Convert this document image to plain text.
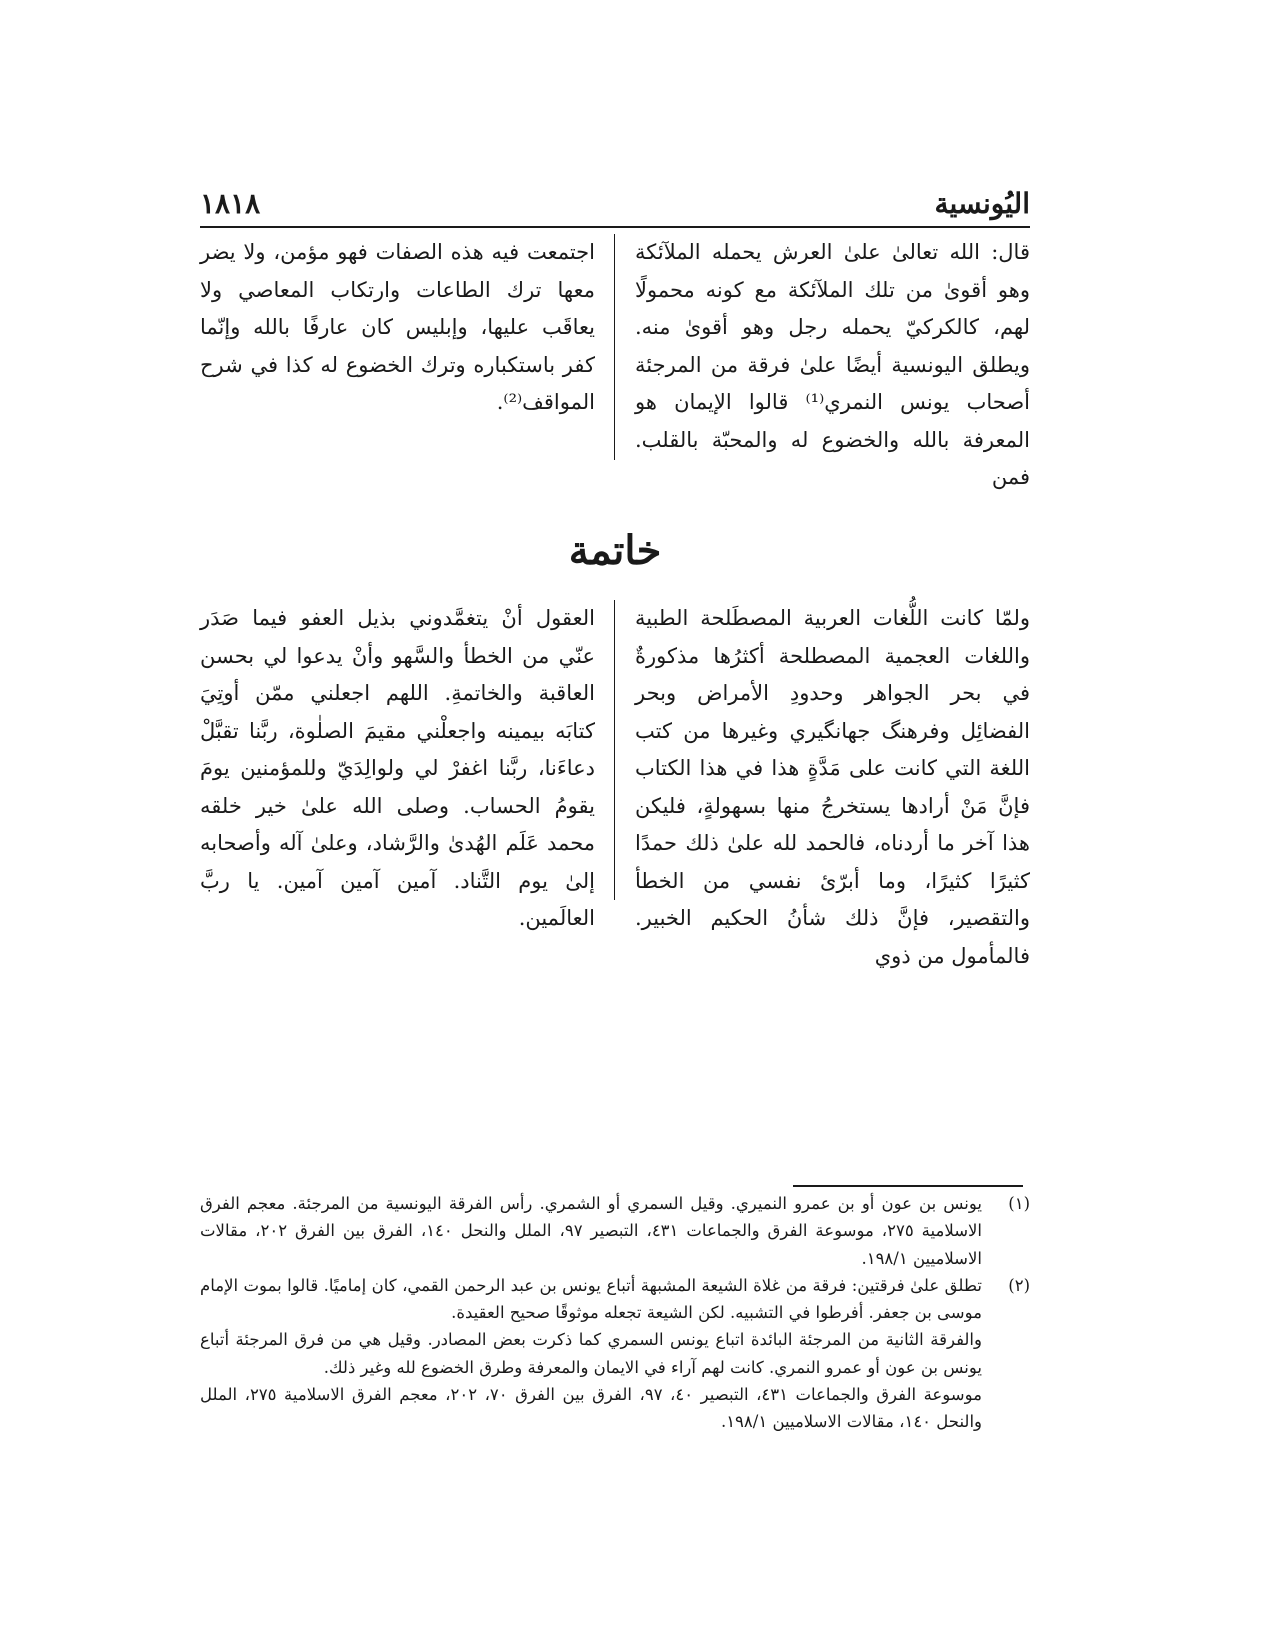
اليُونسية
١٨١٨

قال: الله تعالىٰ علىٰ العرش يحمله الملآئكة وهو أقوىٰ من تلك الملآئكة مع كونه محمولًا لهم، كالكركيّ يحمله رجل وهو أقوىٰ منه. ويطلق اليونسية أيضًا علىٰ فرقة من المرجئة أصحاب يونس النمري⁽¹⁾ قالوا الإيمان هو المعرفة بالله والخضوع له والمحبّة بالقلب. فمن

اجتمعت فيه هذه الصفات فهو مؤمن، ولا يضر معها ترك الطاعات وارتكاب المعاصي ولا يعاقَب عليها، وإبليس كان عارفًا بالله وإنّما كفر باستكباره وترك الخضوع له كذا في شرح المواقف⁽²⁾.

خاتمة

ولمّا كانت اللُّغات العربية المصطَلحة الطبية واللغات العجمية المصطلحة أكثرُها مذكورةٌ في بحر الجواهر وحدودِ الأمراض وبحر الفضائِل وفرهنگ جهانگيري وغيرها من كتب اللغة التي كانت على مَدَّةٍ هذا في هذا الكتاب فإنَّ مَنْ أرادها يستخرجُ منها بسهولةٍ، فليكن هذا آخر ما أردناه، فالحمد لله علىٰ ذلك حمدًا كثيرًا كثيرًا، وما أبرّئ نفسي من الخطأ والتقصير، فإنَّ ذلك شأنُ الحكيم الخبير. فالمأمول من ذوي

العقول أنْ يتغمَّدوني بذيل العفو فيما صَدَر عنّي من الخطأ والسَّهو وأنْ يدعوا لي بحسن العاقبة والخاتمةِ. اللهم اجعلني ممّن أوتِيَ كتابَه بيمينه واجعلْني مقيمَ الصلٰوة، ربَّنا تقبَّلْ دعاءَنا، ربَّنا اغفرْ لي ولوالِدَيّ وللمؤمنين يومَ يقومُ الحساب. وصلى الله علىٰ خير خلقه محمد عَلَم الهُدىٰ والرَّشاد، وعلىٰ آله وأصحابه إلىٰ يوم التَّناد. آمين آمين آمين. يا ربَّ العالَمين.

(١)

يونس بن عون أو بن عمرو النميري. وقيل السمري أو الشمري. رأس الفرقة اليونسية من المرجئة. معجم الفرق الاسلامية ٢٧٥، موسوعة الفرق والجماعات ٤٣١، التبصير ٩٧، الملل والنحل ١٤٠، الفرق بين الفرق ٢٠٢، مقالات الاسلاميين ١٩٨/١.

(٢)

تطلق علىٰ فرقتين: فرقة من غلاة الشيعة المشبهة أتباع يونس بن عبد الرحمن القمي، كان إماميًا. قالوا بموت الإمام موسى بن جعفر. أفرطوا في التشبيه. لكن الشيعة تجعله موثوقًا صحيح العقيدة.

والفرقة الثانية من المرجئة البائدة اتباع يونس السمري كما ذكرت بعض المصادر. وقيل هي من فرق المرجئة أتباع يونس بن عون أو عمرو النمري. كانت لهم آراء في الايمان والمعرفة وطرق الخضوع لله وغير ذلك.

موسوعة الفرق والجماعات ٤٣١، التبصير ٤٠، ٩٧، الفرق بين الفرق ٧٠، ٢٠٢، معجم الفرق الاسلامية ٢٧٥، الملل والنحل ١٤٠، مقالات الاسلاميين ١٩٨/١.
